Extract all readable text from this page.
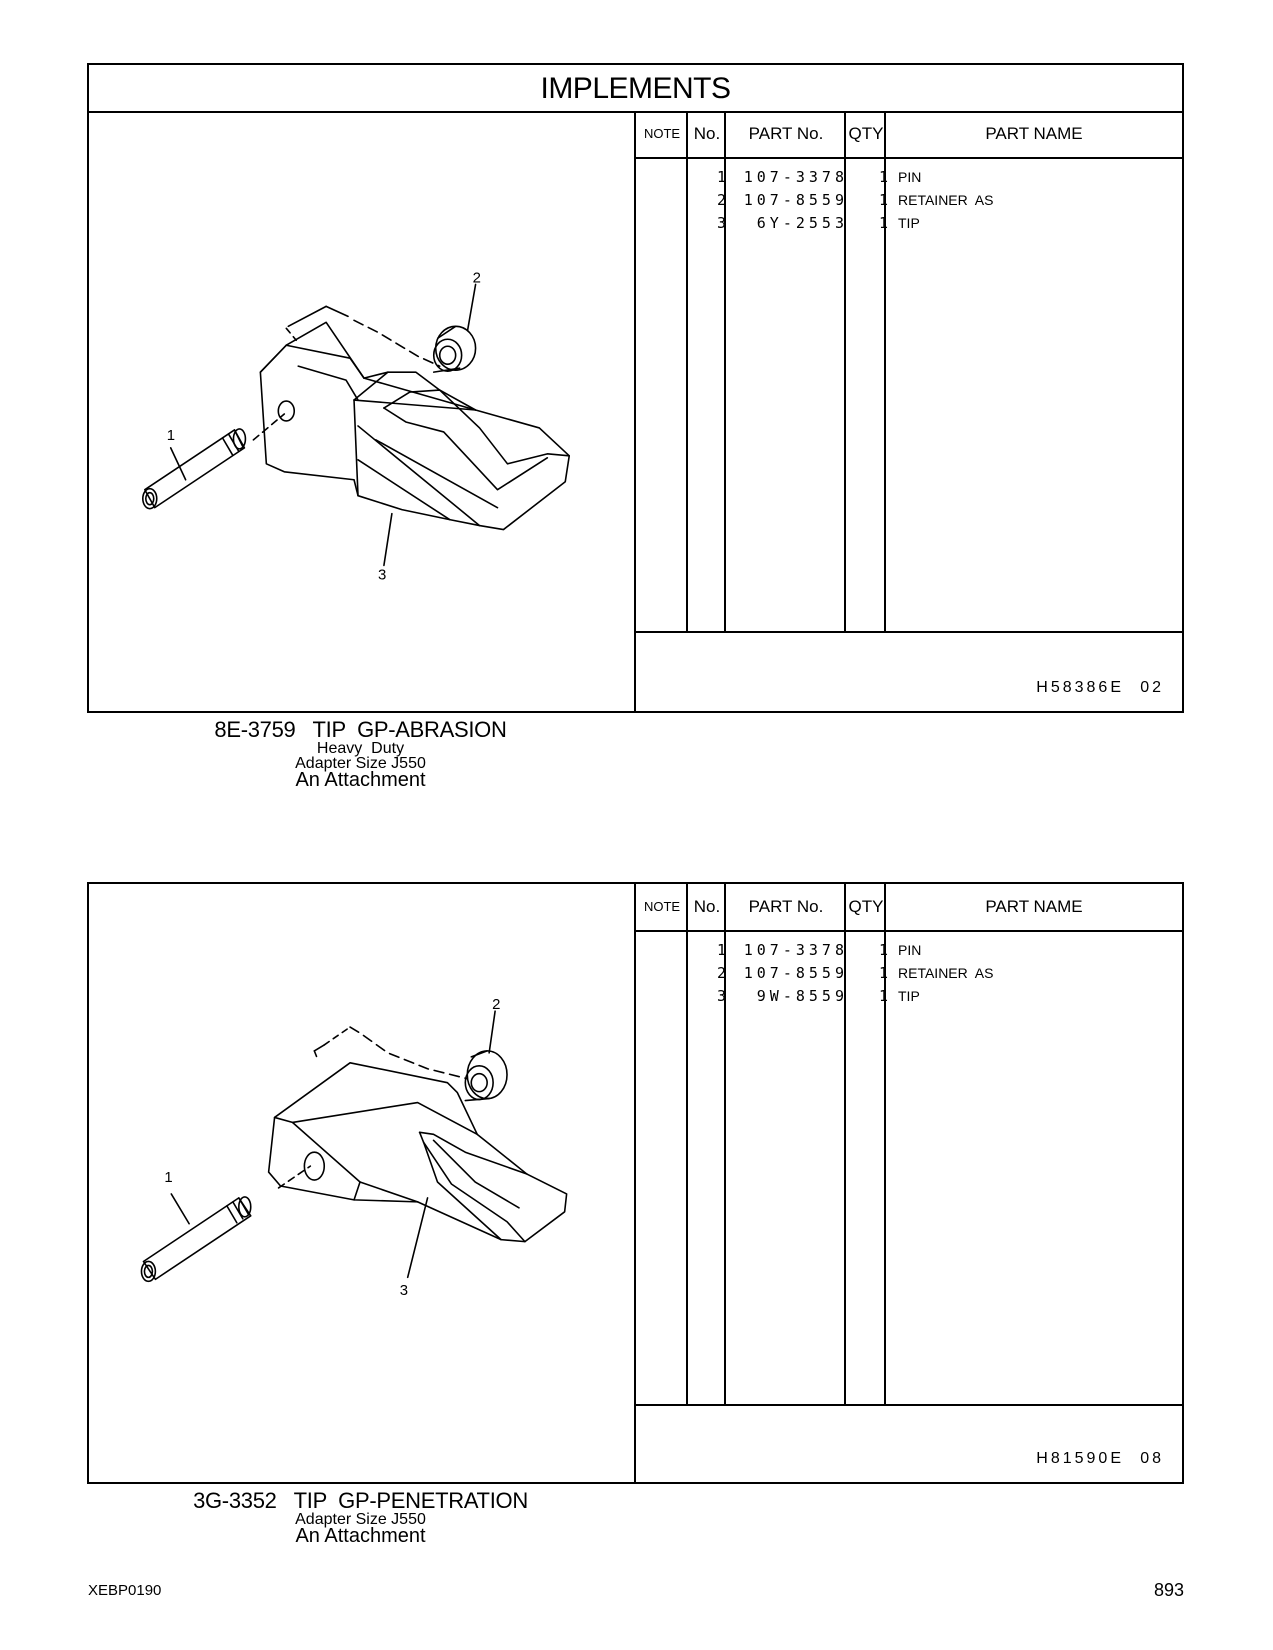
IMPLEMENTS
1
2
3
NOTE No.	PART No.	QTY	PART NAME
1	107-3378	1 PIN
2	107-8559	1 RETAINER  AS
3	6Y-2553	1 TIP

H58386E

02

8E-3759   TIP  GP-ABRASION
Heavy  Duty
Adapter Size J550
An Attachment
1
2
3
NOTE No.	PART No.	QTY	PART NAME
1	107-3378	1 PIN
2	107-8559	1 RETAINER  AS
3	9W-8559	1 TIP

H81590E

08

3G-3352   TIP  GP-PENETRATION
Adapter Size J550
An Attachment
XEBP0190	893
